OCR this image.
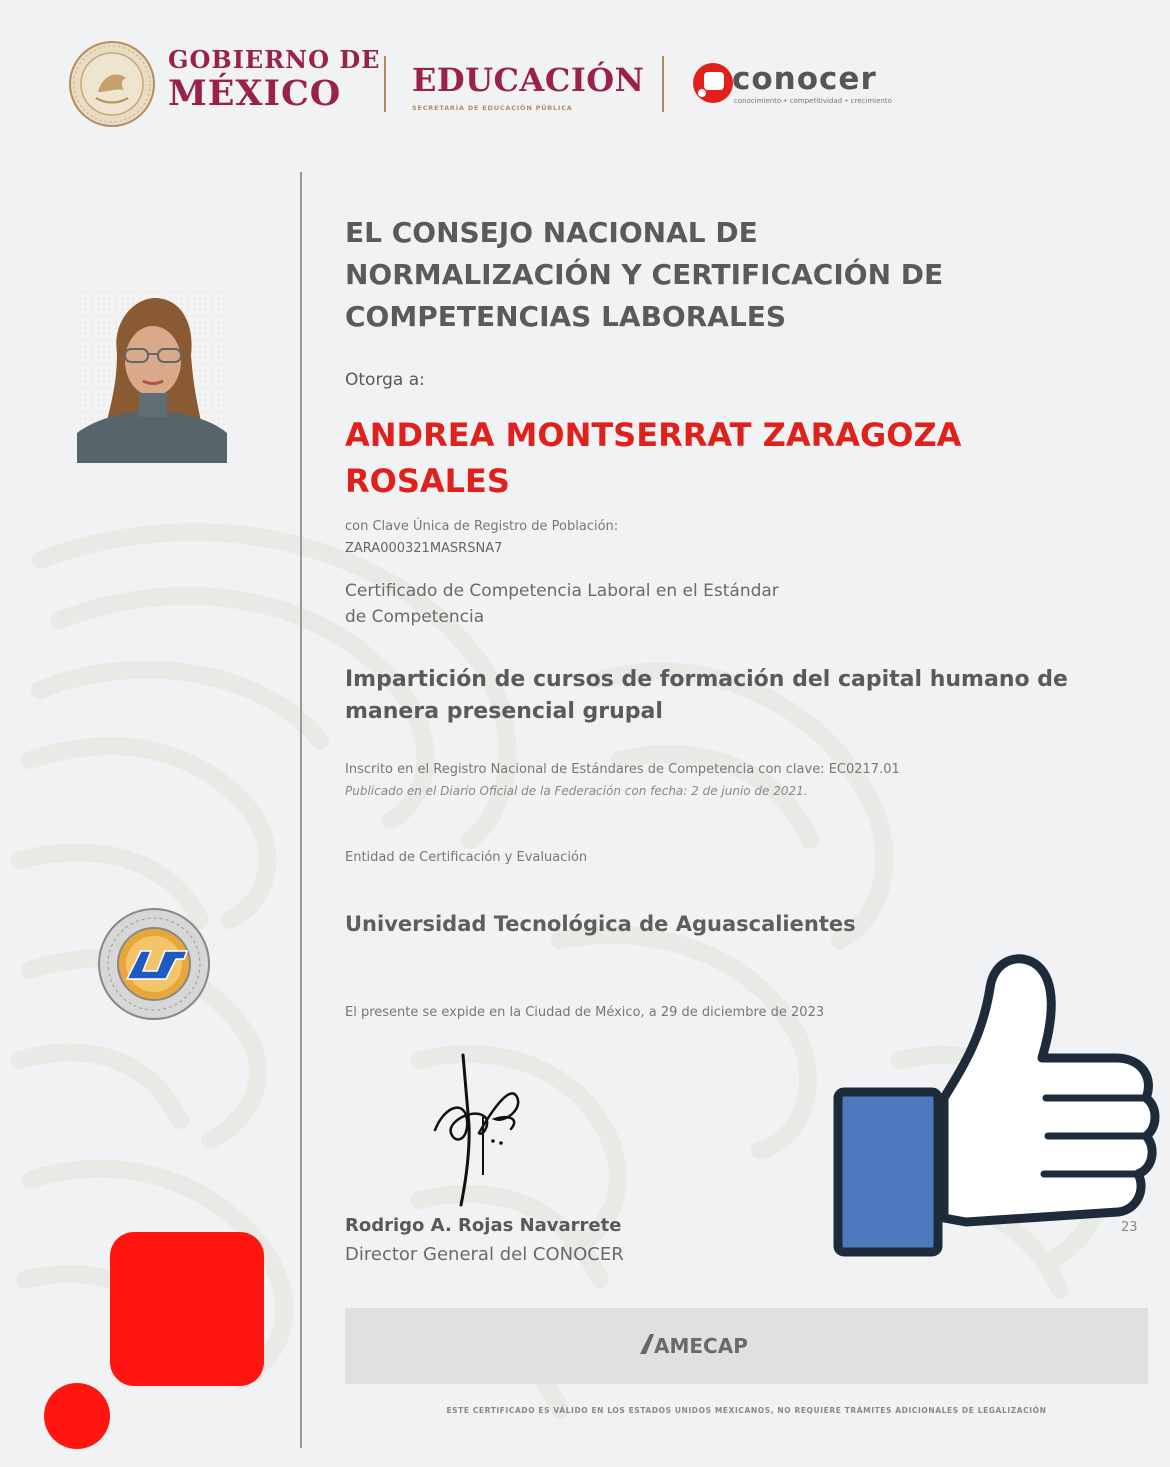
GOBIERNO DE
MÉXICO	EDUCACIÓN
SECRETARÍA DE EDUCACIÓN PÚBLICA
conocer
conocimiento • competitividad • crecimiento
EL CONSEJO NACIONAL DE
NORMALIZACIÓN Y CERTIFICACIÓN DE
COMPETENCIAS LABORALES
Otorga a:
ANDREA MONTSERRAT ZARAGOZA
ROSALES
con Clave Única de Registro de Población:
ZARA000321MASRSNA7
Certificado de Competencia Laboral en el Estándar
de Competencia
Impartición de cursos de formación del capital humano de
manera presencial grupal
Inscrito en el Registro Nacional de Estándares de Competencia con clave: EC0217.01
Publicado en el Diario Oficial de la Federación con fecha: 2 de junio de 2021.
Entidad de Certificación y Evaluación
Universidad Tecnológica de Aguascalientes
El presente se expide en la Ciudad de México, a 29 de diciembre de 2023
Rodrigo A. Rojas Navarrete
Director General del CONOCER
23
AMECAP
ESTE CERTIFICADO ES VÁLIDO EN LOS ESTADOS UNIDOS MEXICANOS, NO REQUIERE TRÁMITES ADICIONALES DE LEGALIZACIÓN
